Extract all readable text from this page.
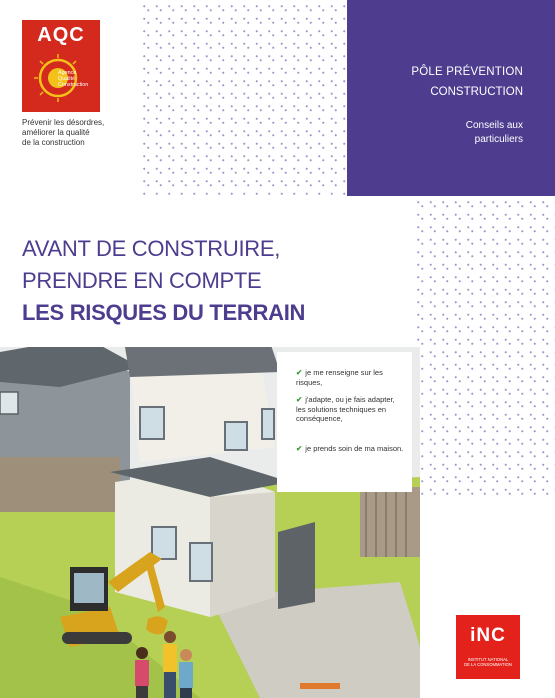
AQC
Agence
Qualité
Construction
Prévenir les désordres,
améliorer la qualité
de la construction
PÔLE PRÉVENTION
CONSTRUCTION
Conseils aux
particuliers
AVANT DE CONSTRUIRE,
PRENDRE EN COMPTE
LES RISQUES DU TERRAIN
✔ je me renseigne sur les risques,
✔ j'adapte, ou je fais adapter, les solutions techniques en conséquence,
✔ je prends soin de ma maison.
iNC
INSTITUT NATIONAL
DE LA CONSOMMATION
